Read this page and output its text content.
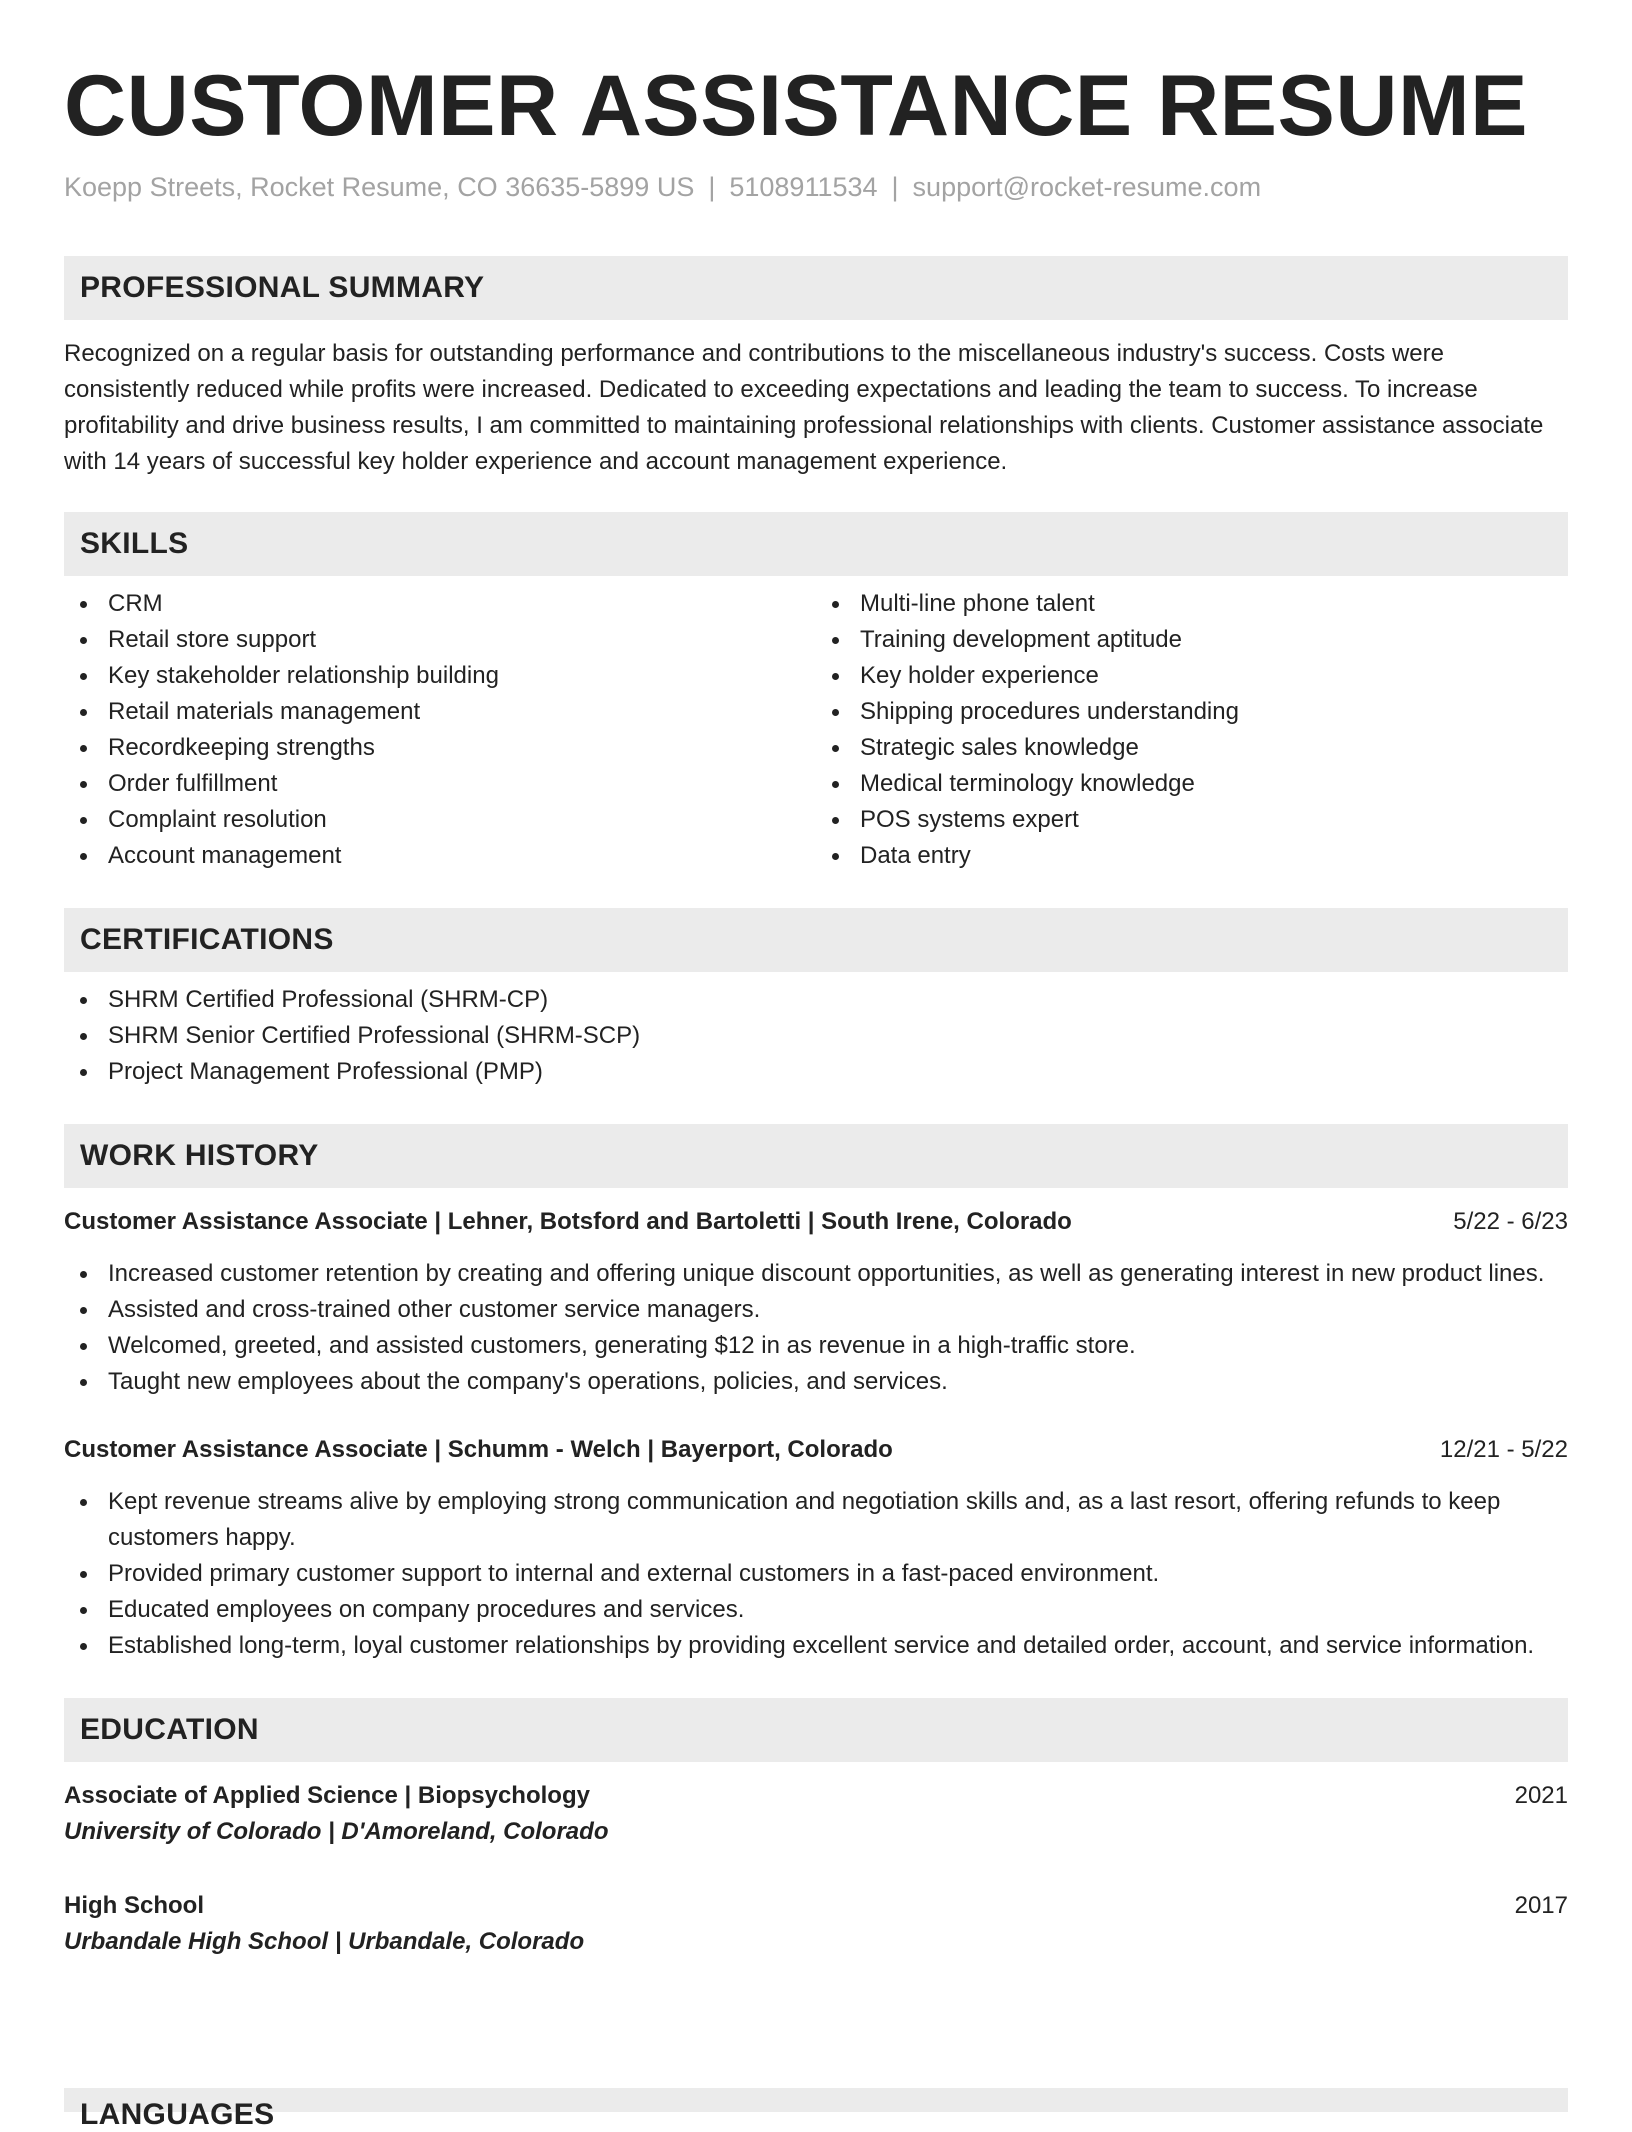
CUSTOMER ASSISTANCE RESUME
Koepp Streets, Rocket Resume, CO 36635-5899 US | 5108911534 | support@rocket-resume.com
PROFESSIONAL SUMMARY

Recognized on a regular basis for outstanding performance and contributions to the miscellaneous industry's success. Costs were consistently reduced while profits were increased. Dedicated to exceeding expectations and leading the team to success. To increase profitability and drive business results, I am committed to maintaining professional relationships with clients. Customer assistance associate with 14 years of successful key holder experience and account management experience.

SKILLS
CRM
Retail store support
Key stakeholder relationship building
Retail materials management
Recordkeeping strengths
Order fulfillment
Complaint resolution
Account management
Multi-line phone talent
Training development aptitude
Key holder experience
Shipping procedures understanding
Strategic sales knowledge
Medical terminology knowledge
POS systems expert
Data entry
CERTIFICATIONS
SHRM Certified Professional (SHRM-CP)
SHRM Senior Certified Professional (SHRM-SCP)
Project Management Professional (PMP)
WORK HISTORY
Customer Assistance Associate | Lehner, Botsford and Bartoletti | South Irene, Colorado	5/22 - 6/23
Increased customer retention by creating and offering unique discount opportunities, as well as generating interest in new product lines.
Assisted and cross-trained other customer service managers.
Welcomed, greeted, and assisted customers, generating $12 in as revenue in a high-traffic store.
Taught new employees about the company's operations, policies, and services.
Customer Assistance Associate | Schumm - Welch | Bayerport, Colorado	12/21 - 5/22
Kept revenue streams alive by employing strong communication and negotiation skills and, as a last resort, offering refunds to keep customers happy.
Provided primary customer support to internal and external customers in a fast-paced environment.
Educated employees on company procedures and services.
Established long-term, loyal customer relationships by providing excellent service and detailed order, account, and service information.
EDUCATION
Associate of Applied Science | Biopsychology	2021
University of Colorado | D'Amoreland, Colorado
High School	2017
Urbandale High School | Urbandale, Colorado
LANGUAGES
